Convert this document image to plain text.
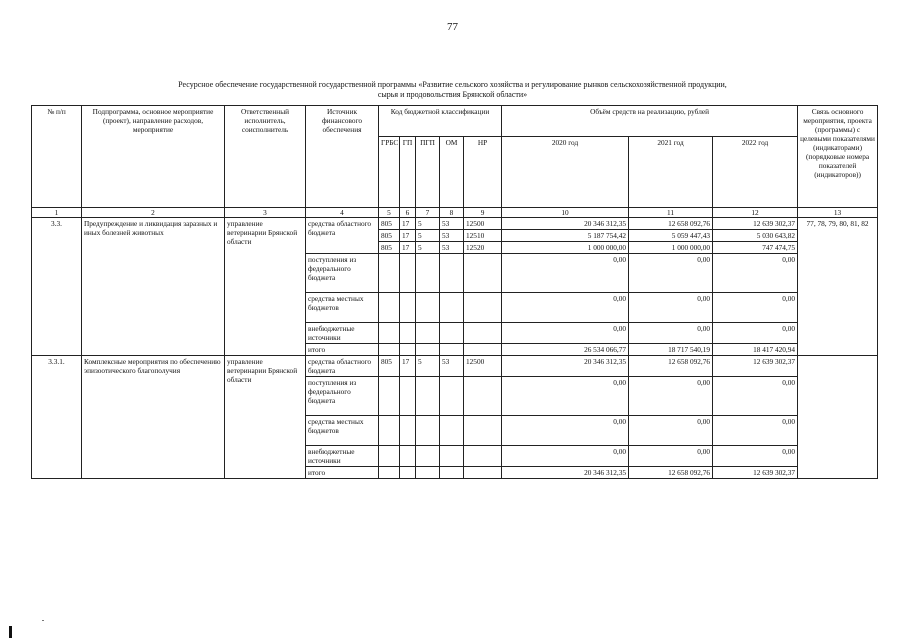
77
Ресурсное обеспечение государственной государственной программы «Развитие сельского хозяйства и регулирование рынков сельскохозяйственной продукции,
сырья и продовольствия Брянской области»
№ п/п	Подпрограмма, основное мероприятие (проект), направление расходов, мероприятие	Ответственный исполнитель, соисполнитель	Источник финансового обеспечения	Код бюджетной классификации					Объём средств на реализацию, рублей			Связь основного мероприятия, проекта (программы) с целевыми показателями (индикаторами) (порядковые номера показателей (индикаторов))
				ГРБС	ГП	ПГП	ОМ	НР	2020 год	2021 год	2022 год	
1	2	3	4	5	6	7	8	9	10	11	12	13
3.3.	Предупреждение и ликвидация заразных и иных болезней животных	управление ветеринарии Брянской области	средства областного бюджета	805	17	5	53	12500	20 346 312,35	12 658 092,76	12 639 302,37	77, 78, 79, 80, 81, 82
				805	17	5	53	12510	5 187 754,42	5 059 447,43	5 030 643,82	
				805	17	5	53	12520	1 000 000,00	1 000 000,00	747 474,75	
			поступления из федерального бюджета						0,00	0,00	0,00	
			средства местных бюджетов						0,00	0,00	0,00	
			внебюджетные источники						0,00	0,00	0,00	
			итого						26 534 066,77	18 717 540,19	18 417 420,94	
3.3.1.	Комплексные мероприятия по обеспечению эпизоотического благополучия	управление ветеринарии Брянской области	средства областного бюджета	805	17	5	53	12500	20 346 312,35	12 658 092,76	12 639 302,37	
			поступления из федерального бюджета						0,00	0,00	0,00	
			средства местных бюджетов						0,00	0,00	0,00	
			внебюджетные источники						0,00	0,00	0,00	
			итого						20 346 312,35	12 658 092,76	12 639 302,37	
